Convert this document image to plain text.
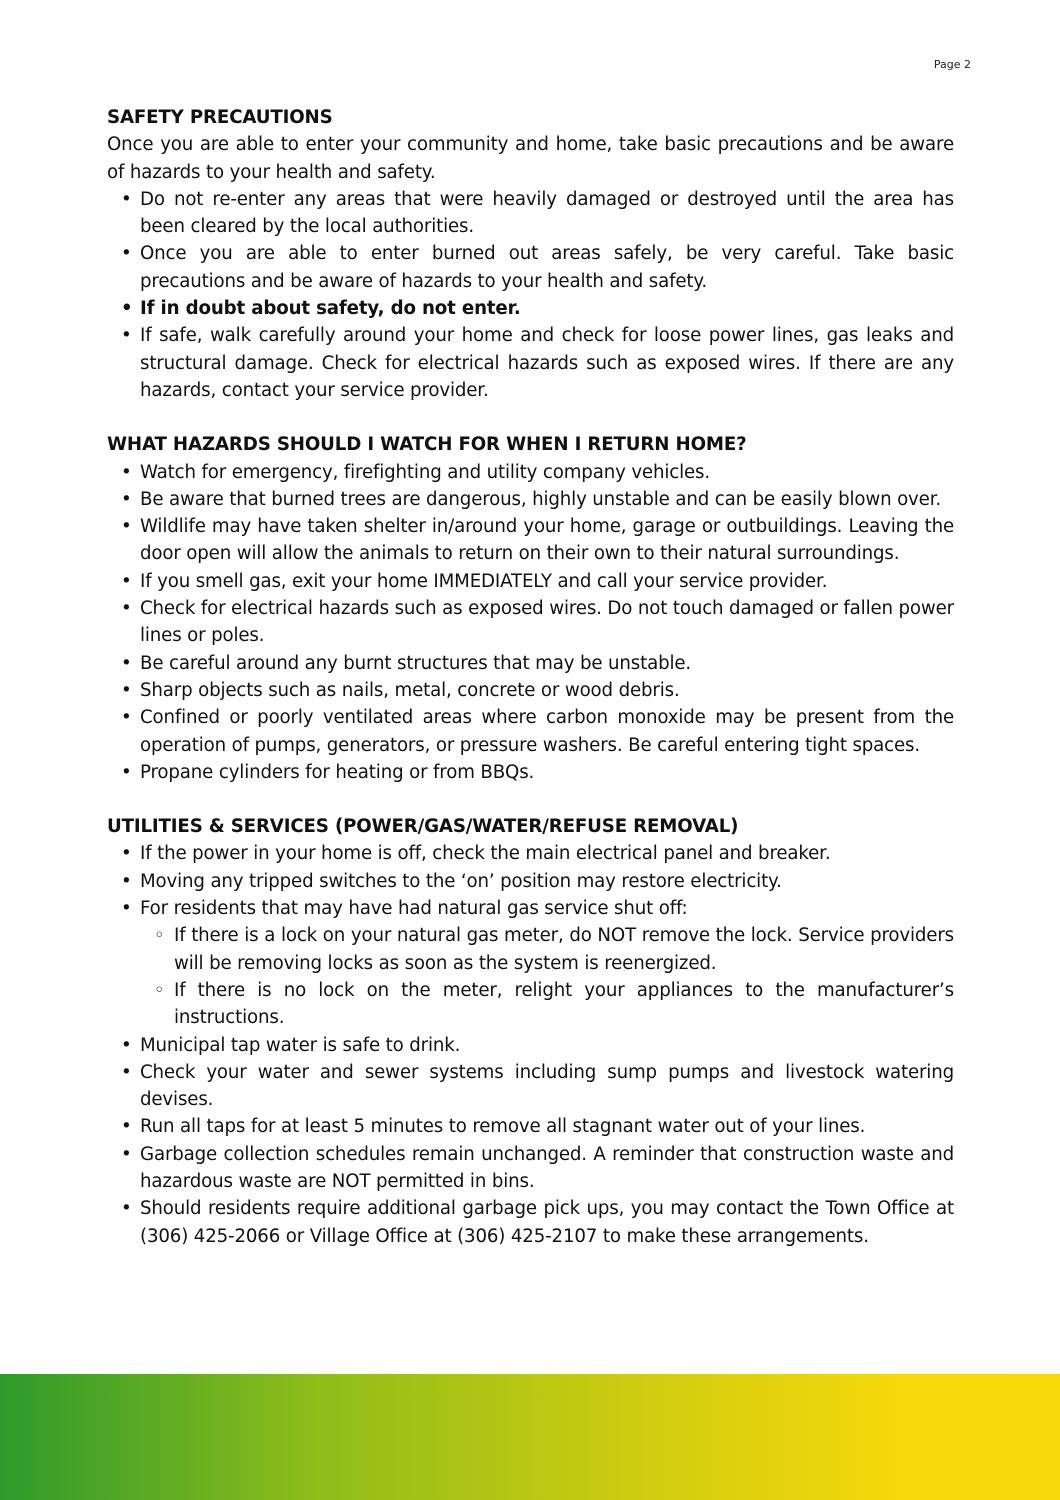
Page 2

SAFETY PRECAUTIONS

Once you are able to enter your community and home, take basic precautions and be aware of hazards to your health and safety.

• Do not re-enter any areas that were heavily damaged or destroyed until the area has been cleared by the local authorities.
• Once you are able to enter burned out areas safely, be very careful. Take basic precautions and be aware of hazards to your health and safety.
• If in doubt about safety, do not enter.
• If safe, walk carefully around your home and check for loose power lines, gas leaks and structural damage. Check for electrical hazards such as exposed wires. If there are any hazards, contact your service provider.

WHAT HAZARDS SHOULD I WATCH FOR WHEN I RETURN HOME?

• Watch for emergency, firefighting and utility company vehicles.
• Be aware that burned trees are dangerous, highly unstable and can be easily blown over.
• Wildlife may have taken shelter in/around your home, garage or outbuildings. Leaving the door open will allow the animals to return on their own to their natural surroundings.
• If you smell gas, exit your home IMMEDIATELY and call your service provider.
• Check for electrical hazards such as exposed wires. Do not touch damaged or fallen power lines or poles.
• Be careful around any burnt structures that may be unstable.
• Sharp objects such as nails, metal, concrete or wood debris.
• Confined or poorly ventilated areas where carbon monoxide may be present from the operation of pumps, generators, or pressure washers. Be careful entering tight spaces.
• Propane cylinders for heating or from BBQs.

UTILITIES & SERVICES (POWER/GAS/WATER/REFUSE REMOVAL)

• If the power in your home is off, check the main electrical panel and breaker.
• Moving any tripped switches to the ‘on’ position may restore electricity.
• For residents that may have had natural gas service shut off:
◦ If there is a lock on your natural gas meter, do NOT remove the lock. Service providers will be removing locks as soon as the system is reenergized.
◦ If there is no lock on the meter, relight your appliances to the manufacturer’s instructions.
• Municipal tap water is safe to drink.
• Check your water and sewer systems including sump pumps and livestock watering devises.
• Run all taps for at least 5 minutes to remove all stagnant water out of your lines.
• Garbage collection schedules remain unchanged. A reminder that construction waste and hazardous waste are NOT permitted in bins.
• Should residents require additional garbage pick ups, you may contact the Town Office at (306) 425-2066 or Village Office at (306) 425-2107 to make these arrangements.
